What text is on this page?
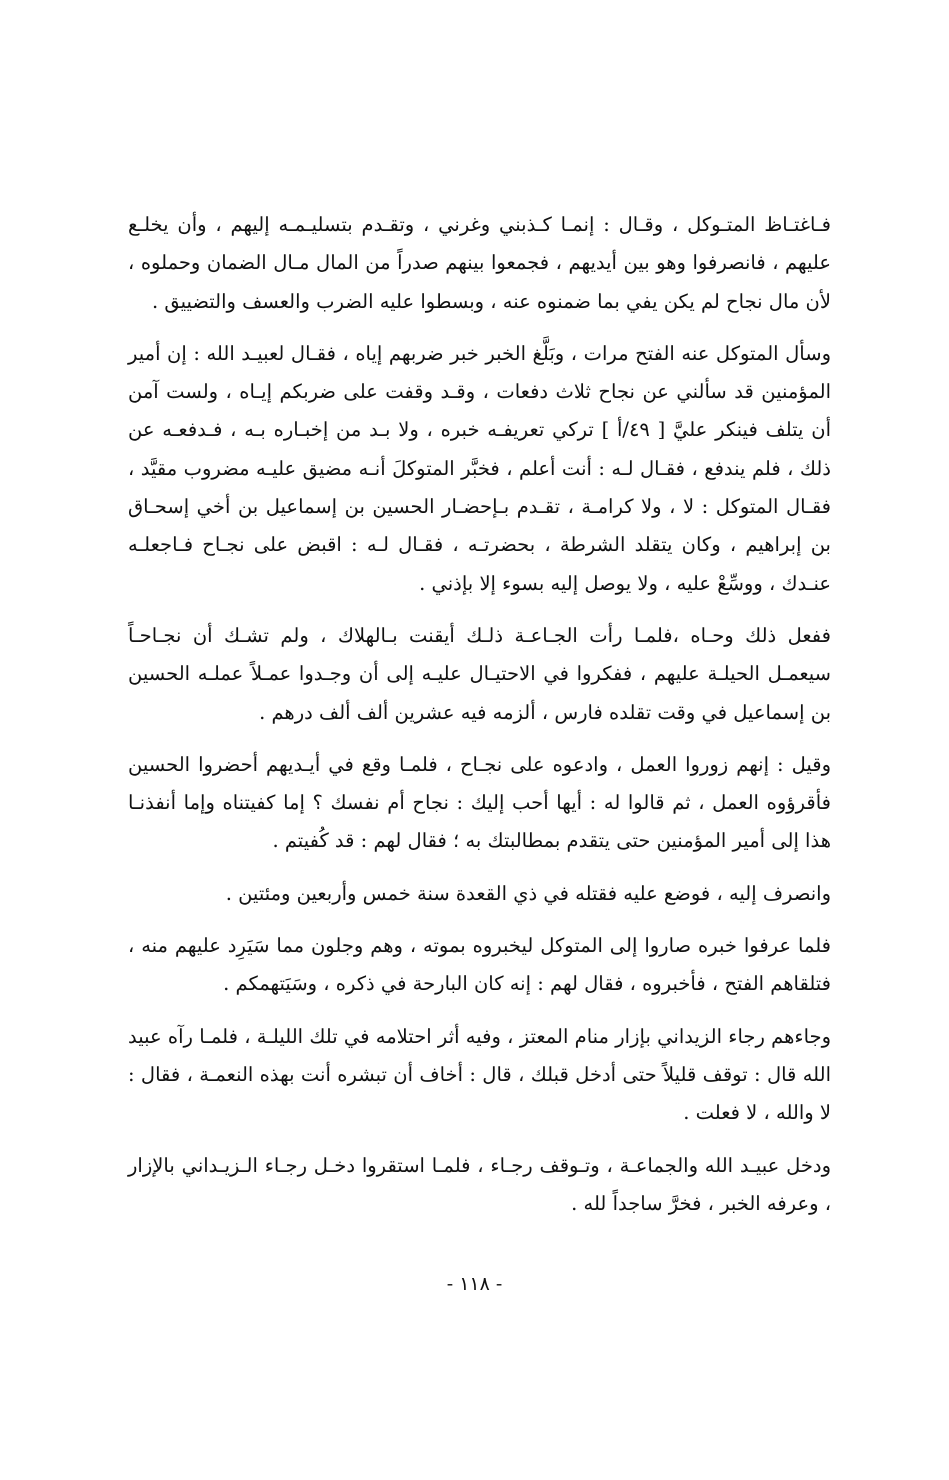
فـاغتـاظ المتـوكل ، وقـال : إنمـا كـذبني وغرني ، وتقـدم بتسليـمـه إليهم ، وأن يخلـع عليهم ، فانصرفوا وهو بين أيديهم ، فجمعوا بينهم صدراً من المال مـال الضمان وحملوه ، لأن مال نجاح لم يكن يفي بما ضمنوه عنه ، وبسطوا عليه الضرب والعسف والتضييق .

وسأل المتوكل عنه الفتح مرات ، وبَلَّغ الخبر خبر ضربهم إياه ، فقـال لعبيـد الله : إن أمير المؤمنين قد سألني عن نجاح ثلاث دفعات ، وقـد وقفت على ضربكم إيـاه ، ولست آمن أن يتلف فينكر عليَّ [ ٤٩/أ ] تركي تعريفـه خبره ، ولا بـد من إخبـاره بـه ، فـدفعـه عن ذلك ، فلم يندفع ، فقـال لـه : أنت أعلم ، فخبَّر المتوكلَ أنـه مضيق عليـه مضروب مقيَّد ، فقـال المتوكل : لا ، ولا كرامـة ، تقـدم بـإحضـار الحسين بن إسماعيل بن أخي إسحـاق بن إبراهيم ، وكان يتقلد الشرطة ، بحضرتـه ، فقـال لـه : اقبض على نجـاح فـاجعلـه عنـدك ، ووسِّعْ عليه ، ولا يوصل إليه بسوء إلا بإذني .

ففعل ذلك وحـاه ،فلمـا رأت الجـاعـة ذلـك أيقنت بـالهلاك ، ولم تشـك أن نجـاحـاً سيعمـل الحيلـة عليهم ، ففكروا في الاحتيـال عليـه إلى أن وجـدوا عمـلاً عملـه الحسين بن إسماعيل في وقت تقلده فارس ، ألزمه فيه عشرين ألف ألف درهم .

وقيل : إنهم زوروا العمل ، وادعوه على نجـاح ، فلمـا وقع في أيـديهم أحضروا الحسين فأقرؤوه العمل ، ثم قالوا له : أيها أحب إليك : نجاح أم نفسك ؟ إما كفيتناه وإما أنفذنـا هذا إلى أمير المؤمنين حتى يتقدم بمطالبتك به ؛ فقال لهم : قد كُفيتم .

وانصرف إليه ، فوضع عليه فقتله في ذي القعدة سنة خمس وأربعين ومئتين .

فلما عرفوا خبره صاروا إلى المتوكل ليخبروه بموته ، وهم وجلون مما سَيَرِد عليهم منه ، فتلقاهم الفتح ، فأخبروه ، فقال لهم : إنه كان البارحة في ذكره ، وسَيَتهمكم .

وجاءهم رجاء الزيداني بإزار منام المعتز ، وفيه أثر احتلامه في تلك الليلـة ، فلمـا رآه عبيد الله قال : توقف قليلاً حتى أدخل قبلك ، قال : أخاف أن تبشره أنت بهذه النعمـة ، فقال : لا والله ، لا فعلت .

ودخل عبيـد الله والجماعـة ، وتـوقف رجـاء ، فلمـا استقروا دخـل رجـاء الـزيـداني بالإزار ، وعرفه الخبر ، فخرَّ ساجداً لله .

- ١١٨ -
